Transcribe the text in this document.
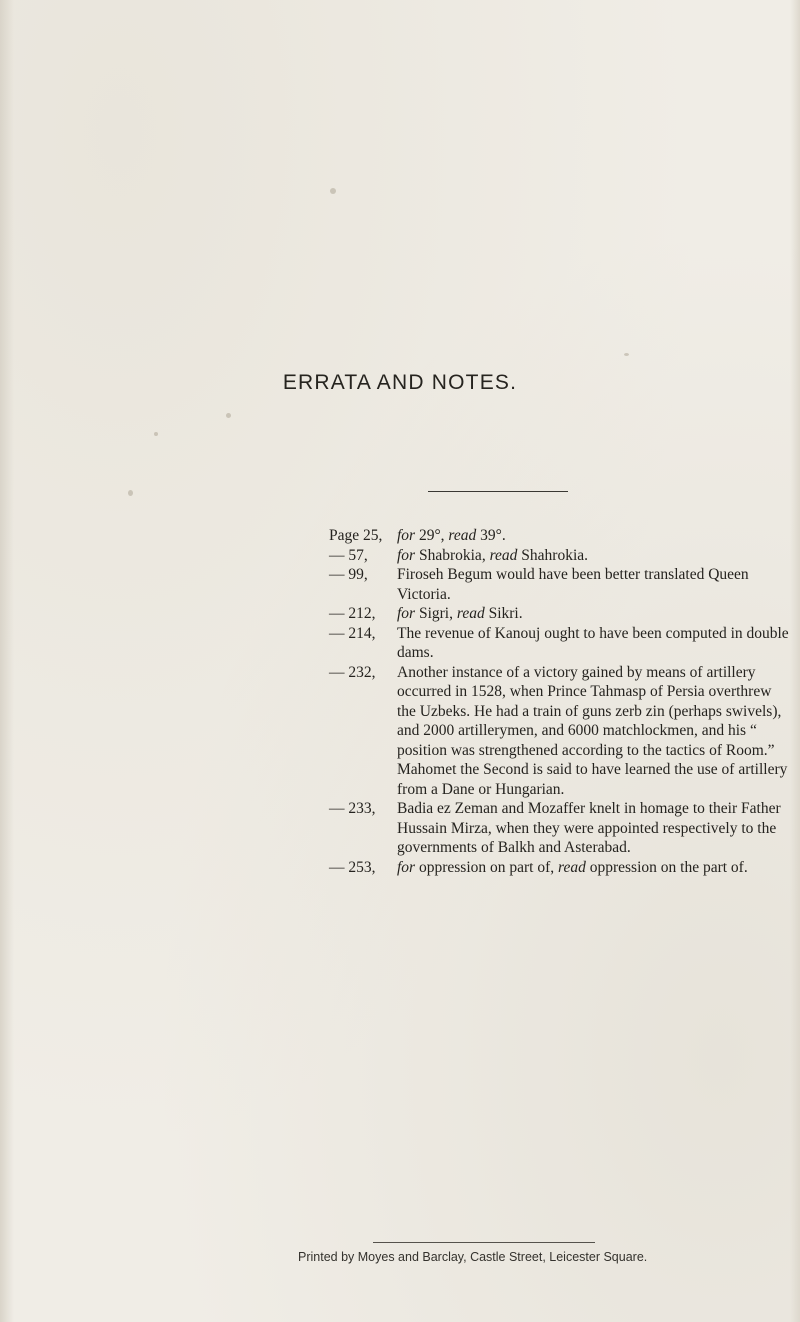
ERRATA AND NOTES.
Page 25,for 29°, read 39°.
— 57,for Shabrokia, read Shahrokia.
— 99,Firoseh Begum would have been better translated Queen Victoria.
— 212,for Sigri, read Sikri.
— 214,The revenue of Kanouj ought to have been computed in double dams.
— 232,Another instance of a victory gained by means of artillery occurred in 1528, when Prince Tahmasp of Persia overthrew the Uzbeks. He had a train of guns zerb zin (perhaps swivels), and 2000 artillerymen, and 6000 matchlockmen, and his “ position was strengthened according to the tactics of Room.” Mahomet the Second is said to have learned the use of artillery from a Dane or Hungarian.
— 233,Badia ez Zeman and Mozaffer knelt in homage to their Father Hussain Mirza, when they were appointed respectively to the governments of Balkh and Asterabad.
— 253,for oppression on part of, read oppression on the part of.
Printed by Moyes and Barclay, Castle Street, Leicester Square.
